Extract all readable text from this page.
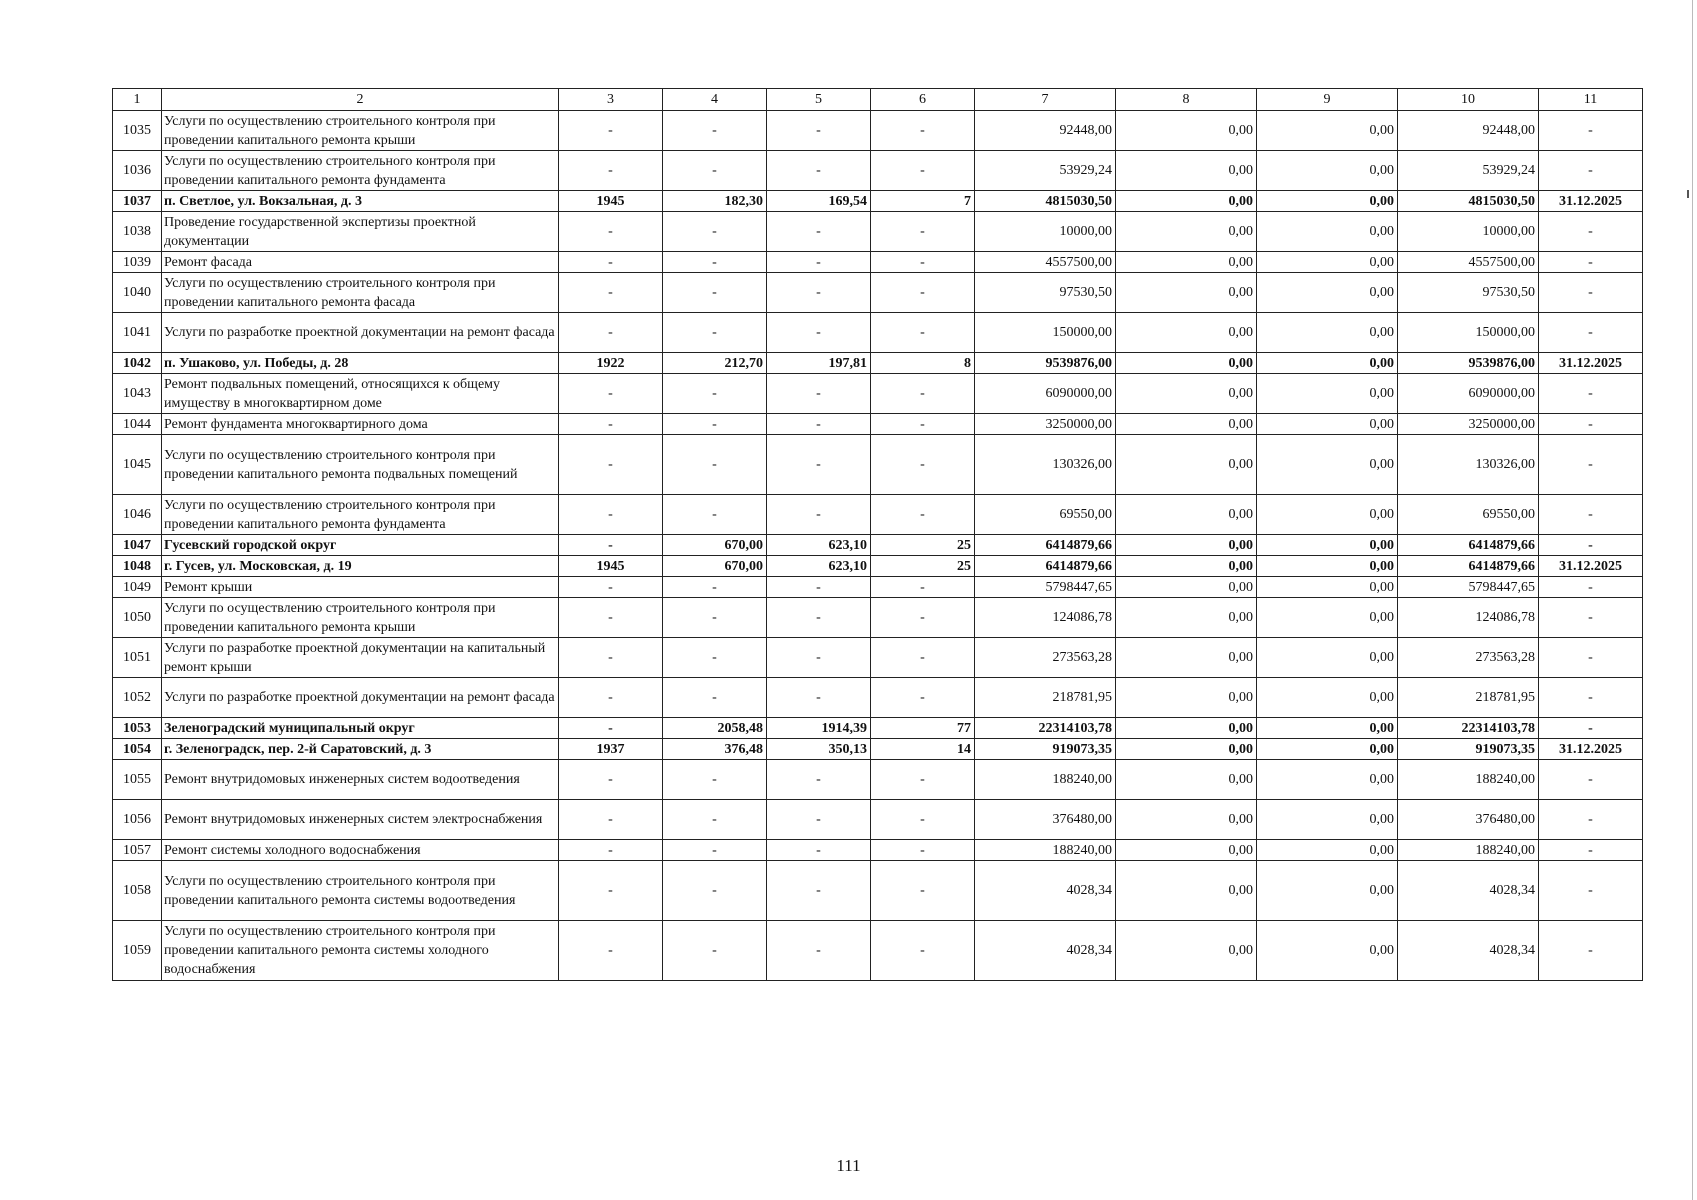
1	2	3	4	5	6	7	8	9	10	11
1035	Услуги по осуществлению строительного контроля при проведении капитального ремонта крыши	-	-	-	-	92448,00	0,00	0,00	92448,00	-
1036	Услуги по осуществлению строительного контроля при проведении капитального ремонта фундамента	-	-	-	-	53929,24	0,00	0,00	53929,24	-
1037	п. Светлое, ул. Вокзальная, д. 3	1945	182,30	169,54	7	4815030,50	0,00	0,00	4815030,50	31.12.2025
1038	Проведение государственной экспертизы проектной документации	-	-	-	-	10000,00	0,00	0,00	10000,00	-
1039	Ремонт фасада	-	-	-	-	4557500,00	0,00	0,00	4557500,00	-
1040	Услуги по осуществлению строительного контроля при проведении капитального ремонта фасада	-	-	-	-	97530,50	0,00	0,00	97530,50	-
1041	Услуги по разработке проектной документации на ремонт фасада	-	-	-	-	150000,00	0,00	0,00	150000,00	-
1042	п. Ушаково, ул. Победы, д. 28	1922	212,70	197,81	8	9539876,00	0,00	0,00	9539876,00	31.12.2025
1043	Ремонт подвальных помещений, относящихся к общему имуществу в многоквартирном доме	-	-	-	-	6090000,00	0,00	0,00	6090000,00	-
1044	Ремонт фундамента многоквартирного дома	-	-	-	-	3250000,00	0,00	0,00	3250000,00	-
1045	Услуги по осуществлению строительного контроля при проведении капитального ремонта подвальных помещений	-	-	-	-	130326,00	0,00	0,00	130326,00	-
1046	Услуги по осуществлению строительного контроля при проведении капитального ремонта фундамента	-	-	-	-	69550,00	0,00	0,00	69550,00	-
1047	Гусевский городской округ	-	670,00	623,10	25	6414879,66	0,00	0,00	6414879,66	-
1048	г. Гусев, ул. Московская, д. 19	1945	670,00	623,10	25	6414879,66	0,00	0,00	6414879,66	31.12.2025
1049	Ремонт крыши	-	-	-	-	5798447,65	0,00	0,00	5798447,65	-
1050	Услуги по осуществлению строительного контроля при проведении капитального ремонта крыши	-	-	-	-	124086,78	0,00	0,00	124086,78	-
1051	Услуги по разработке проектной документации на капитальный ремонт крыши	-	-	-	-	273563,28	0,00	0,00	273563,28	-
1052	Услуги по разработке проектной документации на ремонт фасада	-	-	-	-	218781,95	0,00	0,00	218781,95	-
1053	Зеленоградский муниципальный округ	-	2058,48	1914,39	77	22314103,78	0,00	0,00	22314103,78	-
1054	г. Зеленоградск, пер. 2-й Саратовский, д. 3	1937	376,48	350,13	14	919073,35	0,00	0,00	919073,35	31.12.2025
1055	Ремонт внутридомовых инженерных систем водоотведения	-	-	-	-	188240,00	0,00	0,00	188240,00	-
1056	Ремонт внутридомовых инженерных систем электроснабжения	-	-	-	-	376480,00	0,00	0,00	376480,00	-
1057	Ремонт системы холодного водоснабжения	-	-	-	-	188240,00	0,00	0,00	188240,00	-
1058	Услуги по осуществлению строительного контроля при проведении капитального ремонта системы водоотведения	-	-	-	-	4028,34	0,00	0,00	4028,34	-
1059	Услуги по осуществлению строительного контроля при проведении капитального ремонта системы холодного водоснабжения	-	-	-	-	4028,34	0,00	0,00	4028,34	-
111
